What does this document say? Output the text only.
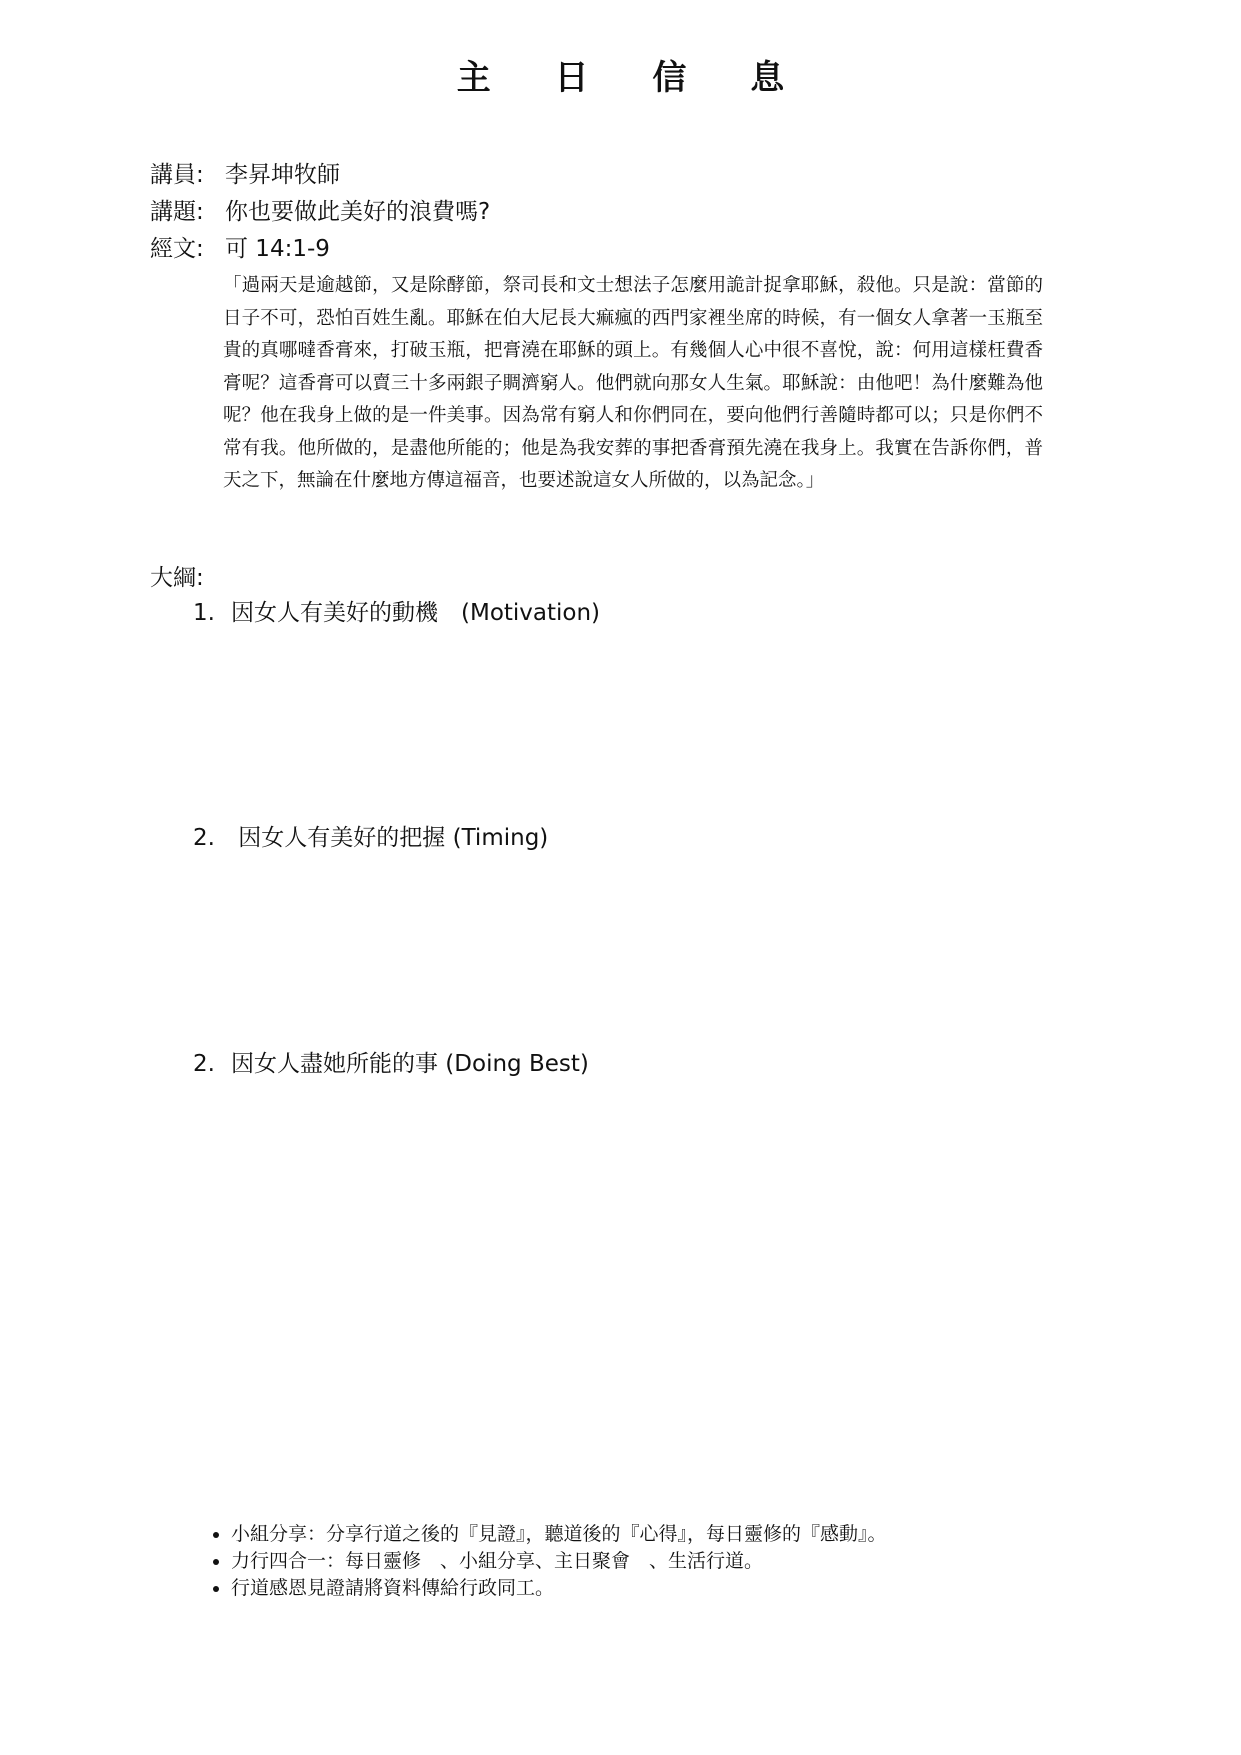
主 日 信 息
講員: 李昇坤牧師
講題: 你也要做此美好的浪費嗎?
經文: 可 14:1-9
「過兩天是逾越節，又是除酵節，祭司長和文士想法子怎麼用詭計捉拿耶穌，殺他。只是說：當節的日子不可，恐怕百姓生亂。耶穌在伯大尼長大痲瘋的西門家裡坐席的時候，有一個女人拿著一玉瓶至貴的真哪噠香膏來，打破玉瓶，把膏澆在耶穌的頭上。有幾個人心中很不喜悅，說：何用這樣枉費香膏呢？這香膏可以賣三十多兩銀子賙濟窮人。他們就向那女人生氣。耶穌說：由他吧！為什麼難為他呢？他在我身上做的是一件美事。因為常有窮人和你們同在，要向他們行善隨時都可以；只是你們不常有我。他所做的，是盡他所能的；他是為我安葬的事把香膏預先澆在我身上。我實在告訴你們，普天之下，無論在什麼地方傳這福音，也要述說這女人所做的，以為記念。」
大綱:
1. 因女人有美好的動機　(Motivation)
2. 因女人有美好的把握 (Timing)
2. 因女人盡她所能的事 (Doing Best)
• 小組分享：分享行道之後的『見證』，聽道後的『心得』，每日靈修的『感動』。
• 力行四合一：每日靈修　、小組分享、主日聚會　、生活行道。
• 行道感恩見證請將資料傳給行政同工。
